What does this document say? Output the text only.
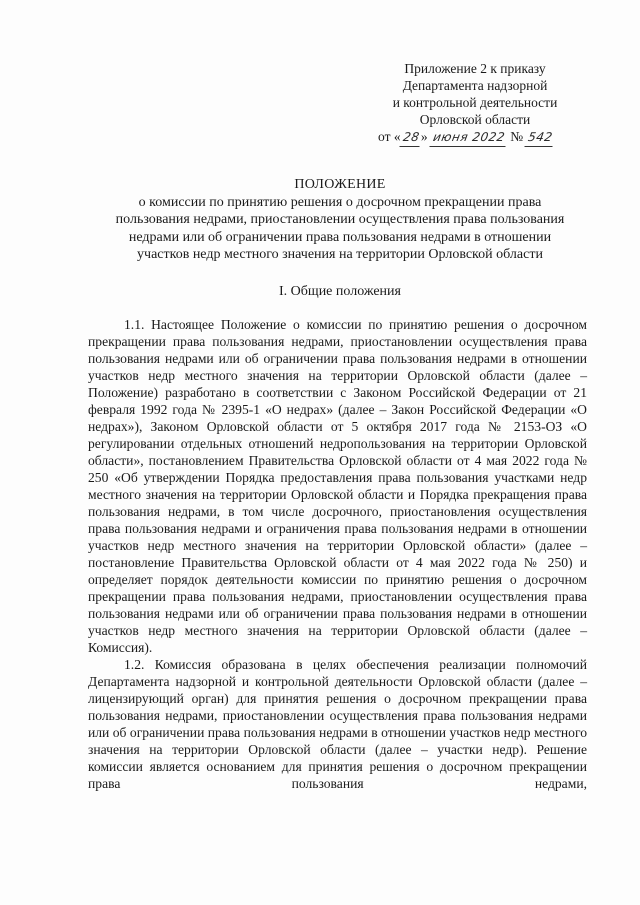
Приложение 2 к приказу
Департамента надзорной
и контрольной деятельности
Орловской области
от «28» июня 2022 № 542
ПОЛОЖЕНИЕ
о комиссии по принятию решения о досрочном прекращении права
пользования недрами, приостановлении осуществления права пользования
недрами или об ограничении права пользования недрами в отношении
участков недр местного значения на территории Орловской области
I. Общие положения

1.1. Настоящее Положение о комиссии по принятию решения о досрочном прекращении права пользования недрами, приостановлении осуществления права пользования недрами или об ограничении права пользования недрами в отношении участков недр местного значения на территории Орловской области (далее – Положение) разработано в соответствии с Законом Российской Федерации от 21 февраля 1992 года № 2395-1 «О недрах» (далее – Закон Российской Федерации «О недрах»), Законом Орловской области от 5 октября 2017 года № 2153-ОЗ «О регулировании отдельных отношений недропользования на территории Орловской области», постановлением Правительства Орловской области от 4 мая 2022 года № 250 «Об утверждении Порядка предоставления права пользования участками недр местного значения на территории Орловской области и Порядка прекращения права пользования недрами, в том числе досрочного, приостановления осуществления права пользования недрами и ограничения права пользования недрами в отношении участков недр местного значения на территории Орловской области» (далее – постановление Правительства Орловской области от 4 мая 2022 года № 250) и определяет порядок деятельности комиссии по принятию решения о досрочном прекращении права пользования недрами, приостановлении осуществления права пользования недрами или об ограничении права пользования недрами в отношении участков недр местного значения на территории Орловской области (далее – Комиссия).

1.2. Комиссия образована в целях обеспечения реализации полномочий Департамента надзорной и контрольной деятельности Орловской области (далее – лицензирующий орган) для принятия решения о досрочном прекращении права пользования недрами, приостановлении осуществления права пользования недрами или об ограничении права пользования недрами в отношении участков недр местного значения на территории Орловской области (далее – участки недр). Решение комиссии является основанием для принятия решения о досрочном прекращении права пользования недрами,
